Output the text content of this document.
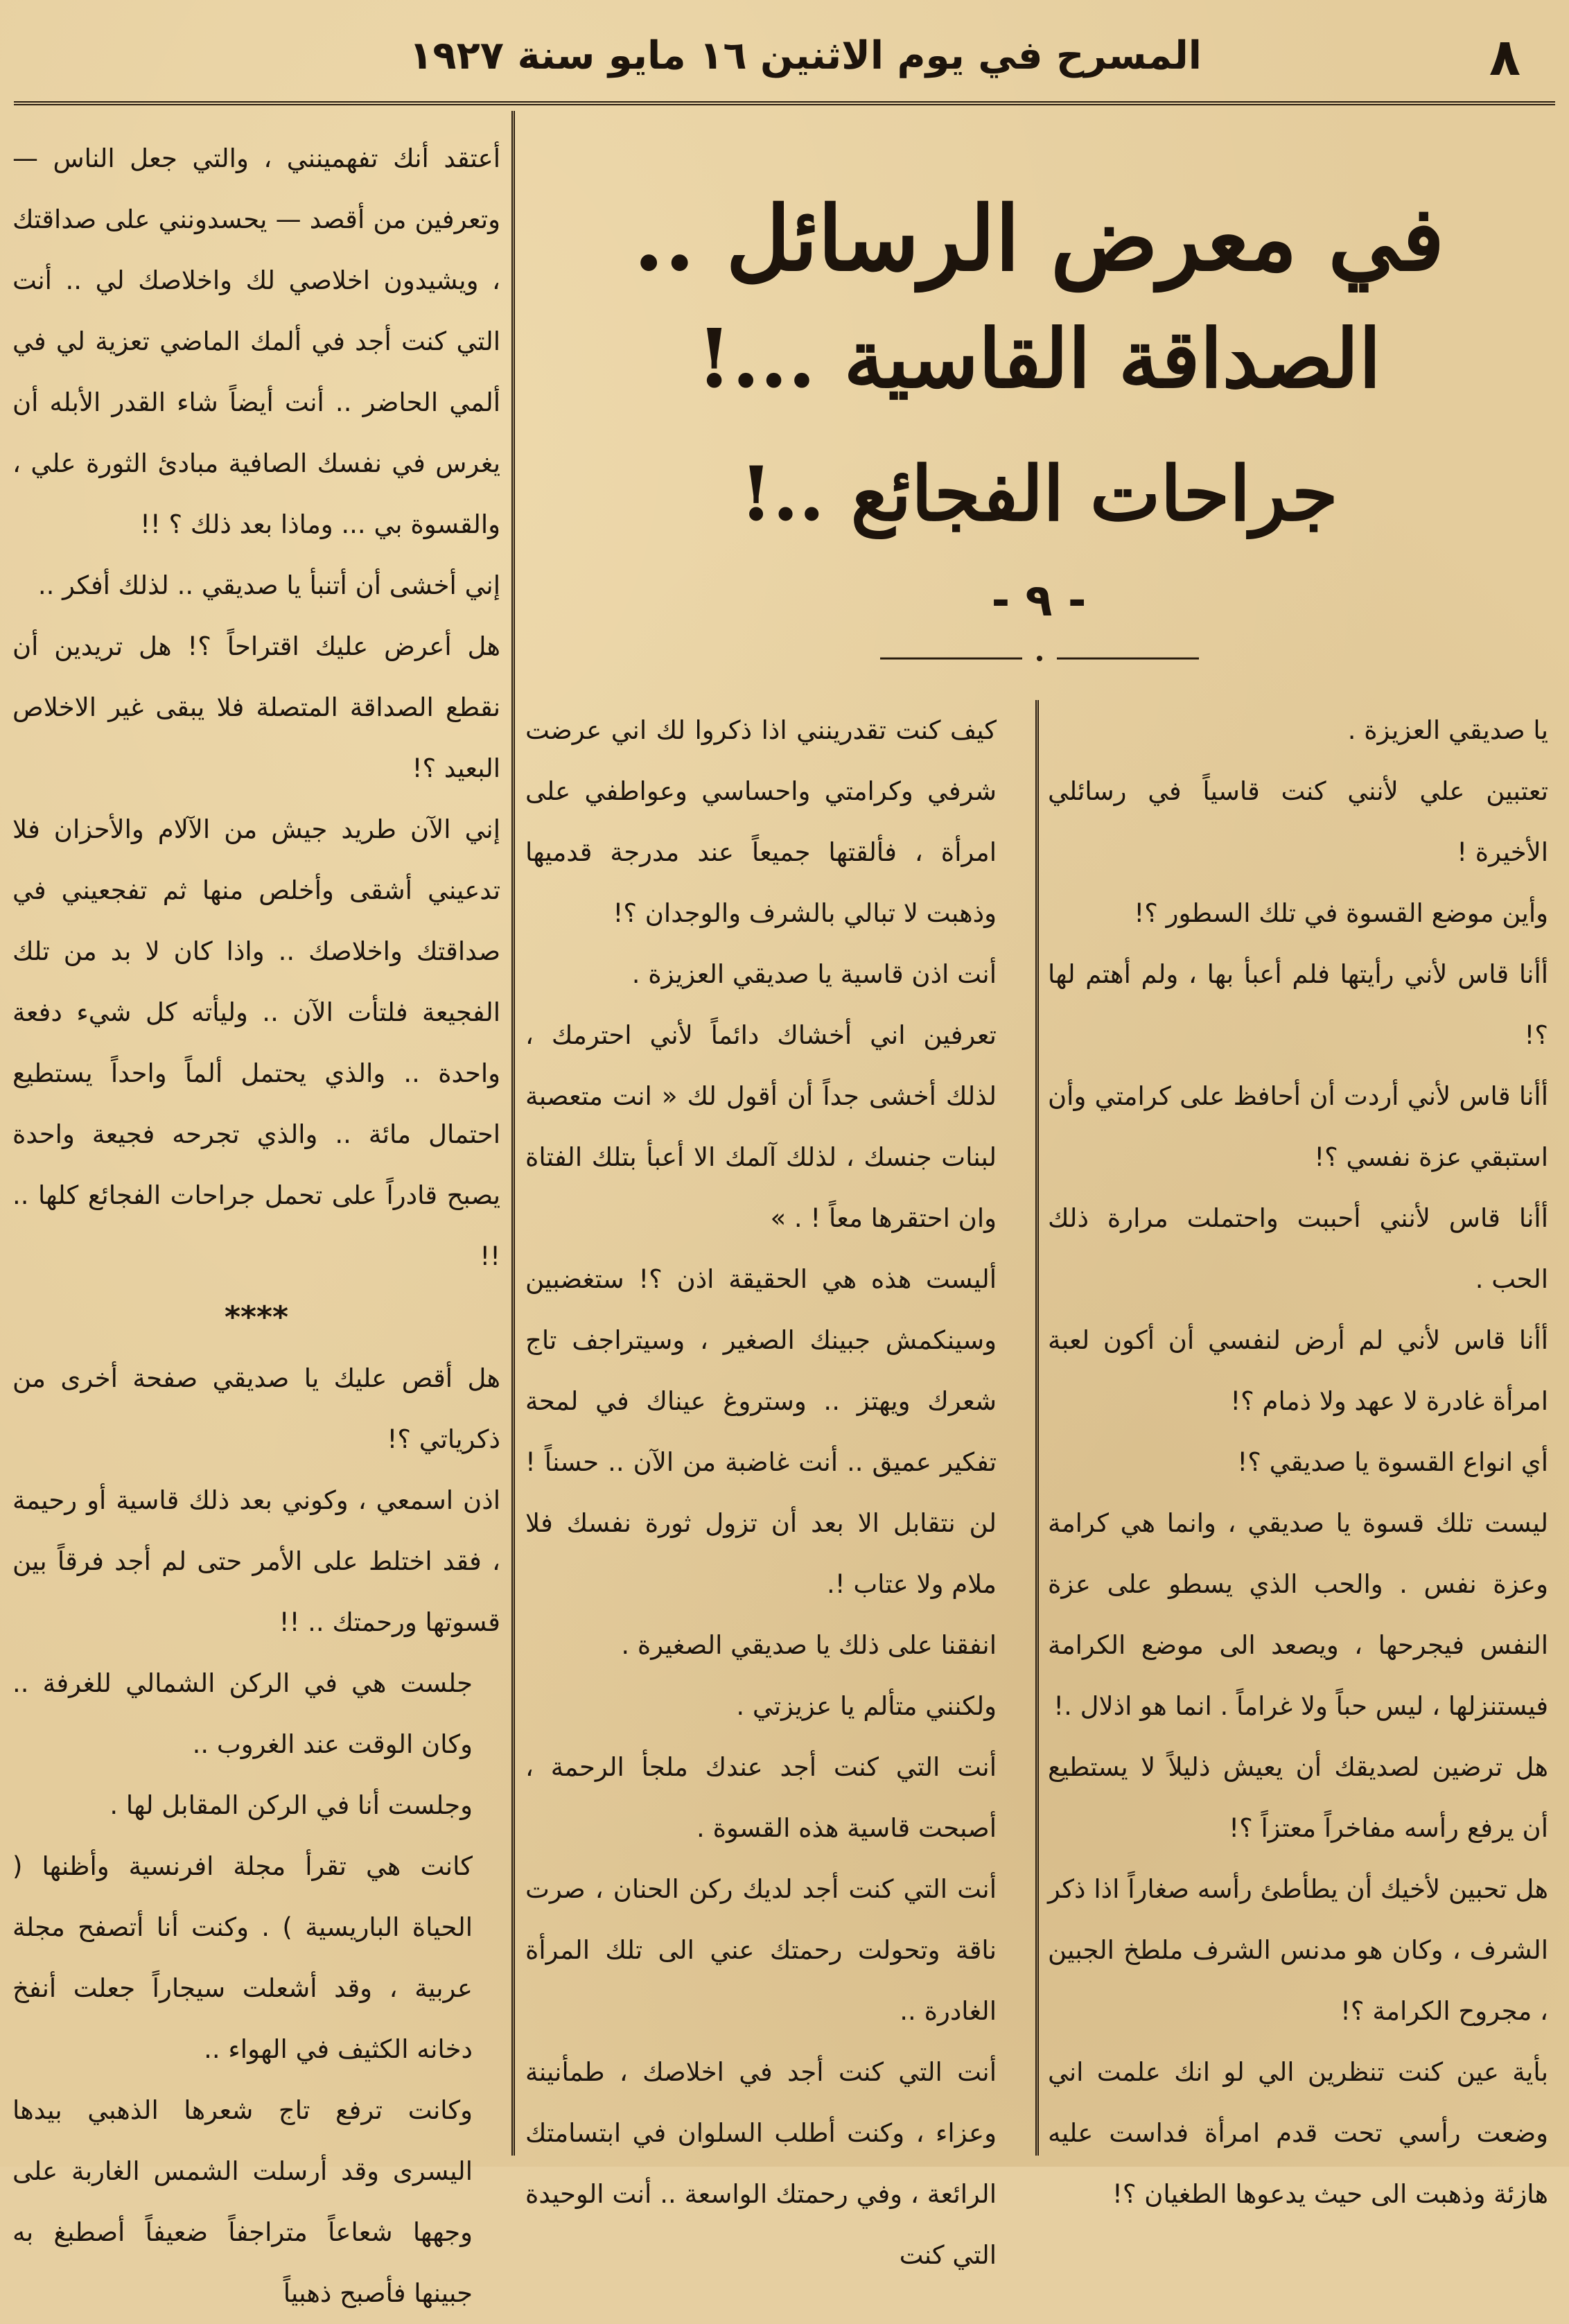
٨
المسرح في يوم الاثنين ١٦ مايو سنة ١٩٢٧
في معرض الرسائل ..
الصداقة القاسية ...!
جراحات الفجائع ..!
- ٩ -

يا صديقي العزيزة .

تعتبين علي لأنني كنت قاسياً في رسائلي الأخيرة !

وأين موضع القسوة في تلك السطور ؟!

أأنا قاس لأني رأيتها فلم أعبأ بها ، ولم أهتم لها ؟!

أأنا قاس لأني أردت أن أحافظ على كرامتي وأن استبقي عزة نفسي ؟!

أأنا قاس لأنني أحببت واحتملت مرارة ذلك الحب .

أأنا قاس لأني لم أرض لنفسي أن أكون لعبة امرأة غادرة لا عهد ولا ذمام ؟!

أي انواع القسوة يا صديقي ؟!

ليست تلك قسوة يا صديقي ، وانما هي كرامة وعزة نفس . والحب الذي يسطو على عزة النفس فيجرحها ، ويصعد الى موضع الكرامة فيستنزلها ، ليس حباً ولا غراماً . انما هو اذلال .!

هل ترضين لصديقك أن يعيش ذليلاً لا يستطيع أن يرفع رأسه مفاخراً معتزاً ؟!

هل تحبين لأخيك أن يطأطئ رأسه صغاراً اذا ذكر الشرف ، وكان هو مدنس الشرف ملطخ الجبين ، مجروح الكرامة ؟!

بأية عين كنت تنظرين الي لو انك علمت اني وضعت رأسي تحت قدم امرأة فداست عليه هازئة وذهبت الى حيث يدعوها الطغيان ؟!

كيف كنت تقدرينني اذا ذكروا لك اني عرضت شرفي وكرامتي واحساسي وعواطفي على امرأة ، فألقتها جميعاً عند مدرجة قدميها وذهبت لا تبالي بالشرف والوجدان ؟!

أنت اذن قاسية يا صديقي العزيزة .

تعرفين اني أخشاك دائماً لأني احترمك ، لذلك أخشى جداً أن أقول لك « انت متعصبة لبنات جنسك ، لذلك آلمك الا أعبأ بتلك الفتاة وان احتقرها معاً ! . »

أليست هذه هي الحقيقة اذن ؟! ستغضبين وسينكمش جبينك الصغير ، وسيتراجف تاج شعرك ويهتز .. وستروغ عيناك في لمحة تفكير عميق .. أنت غاضبة من الآن .. حسناً ! لن نتقابل الا بعد أن تزول ثورة نفسك فلا ملام ولا عتاب !.

انفقنا على ذلك يا صديقي الصغيرة .

ولكنني متألم يا عزيزتي .

أنت التي كنت أجد عندك ملجأ الرحمة ، أصبحت قاسية هذه القسوة .

أنت التي كنت أجد لديك ركن الحنان ، صرت ناقة وتحولت رحمتك عني الى تلك المرأة الغادرة ..

أنت التي كنت أجد في اخلاصك ، طمأنينة وعزاء ، وكنت أطلب السلوان في ابتسامتك الرائعة ، وفي رحمتك الواسعة .. أنت الوحيدة التي كنت

أعتقد أنك تفهمينني ، والتي جعل الناس — وتعرفين من أقصد — يحسدونني على صداقتك ، ويشيدون اخلاصي لك واخلاصك لي .. أنت التي كنت أجد في ألمك الماضي تعزية لي في ألمي الحاضر .. أنت أيضاً شاء القدر الأبله أن يغرس في نفسك الصافية مبادئ الثورة علي ، والقسوة بي ... وماذا بعد ذلك ؟ !!

إني أخشى أن أتنبأ يا صديقي .. لذلك أفكر ..

هل أعرض عليك اقتراحاً ؟! هل تريدين أن نقطع الصداقة المتصلة فلا يبقى غير الاخلاص البعيد ؟!

إني الآن طريد جيش من الآلام والأحزان فلا تدعيني أشقى وأخلص منها ثم تفجعيني في صداقتك واخلاصك .. واذا كان لا بد من تلك الفجيعة فلتأت الآن .. وليأته كل شيء دفعة واحدة .. والذي يحتمل ألماً واحداً يستطيع احتمال مائة .. والذي تجرحه فجيعة واحدة يصبح قادراً على تحمل جراحات الفجائع كلها .. !!

****

هل أقص عليك يا صديقي صفحة أخرى من ذكرياتي ؟!

اذن اسمعي ، وكوني بعد ذلك قاسية أو رحيمة ، فقد اختلط على الأمر حتى لم أجد فرقاً بين قسوتها ورحمتك .. !!

جلست هي في الركن الشمالي للغرفة .. وكان الوقت عند الغروب ..

وجلست أنا في الركن المقابل لها .

كانت هي تقرأ مجلة افرنسية وأظنها ( الحياة الباريسية ) . وكنت أنا أتصفح مجلة عربية ، وقد أشعلت سيجاراً جعلت أنفخ دخانه الكثيف في الهواء ..

وكانت ترفع تاج شعرها الذهبي بيدها اليسرى وقد أرسلت الشمس الغاربة على وجهها شعاعاً متراجفاً ضعيفاً أصطبغ به جبينها فأصبح ذهبياً
